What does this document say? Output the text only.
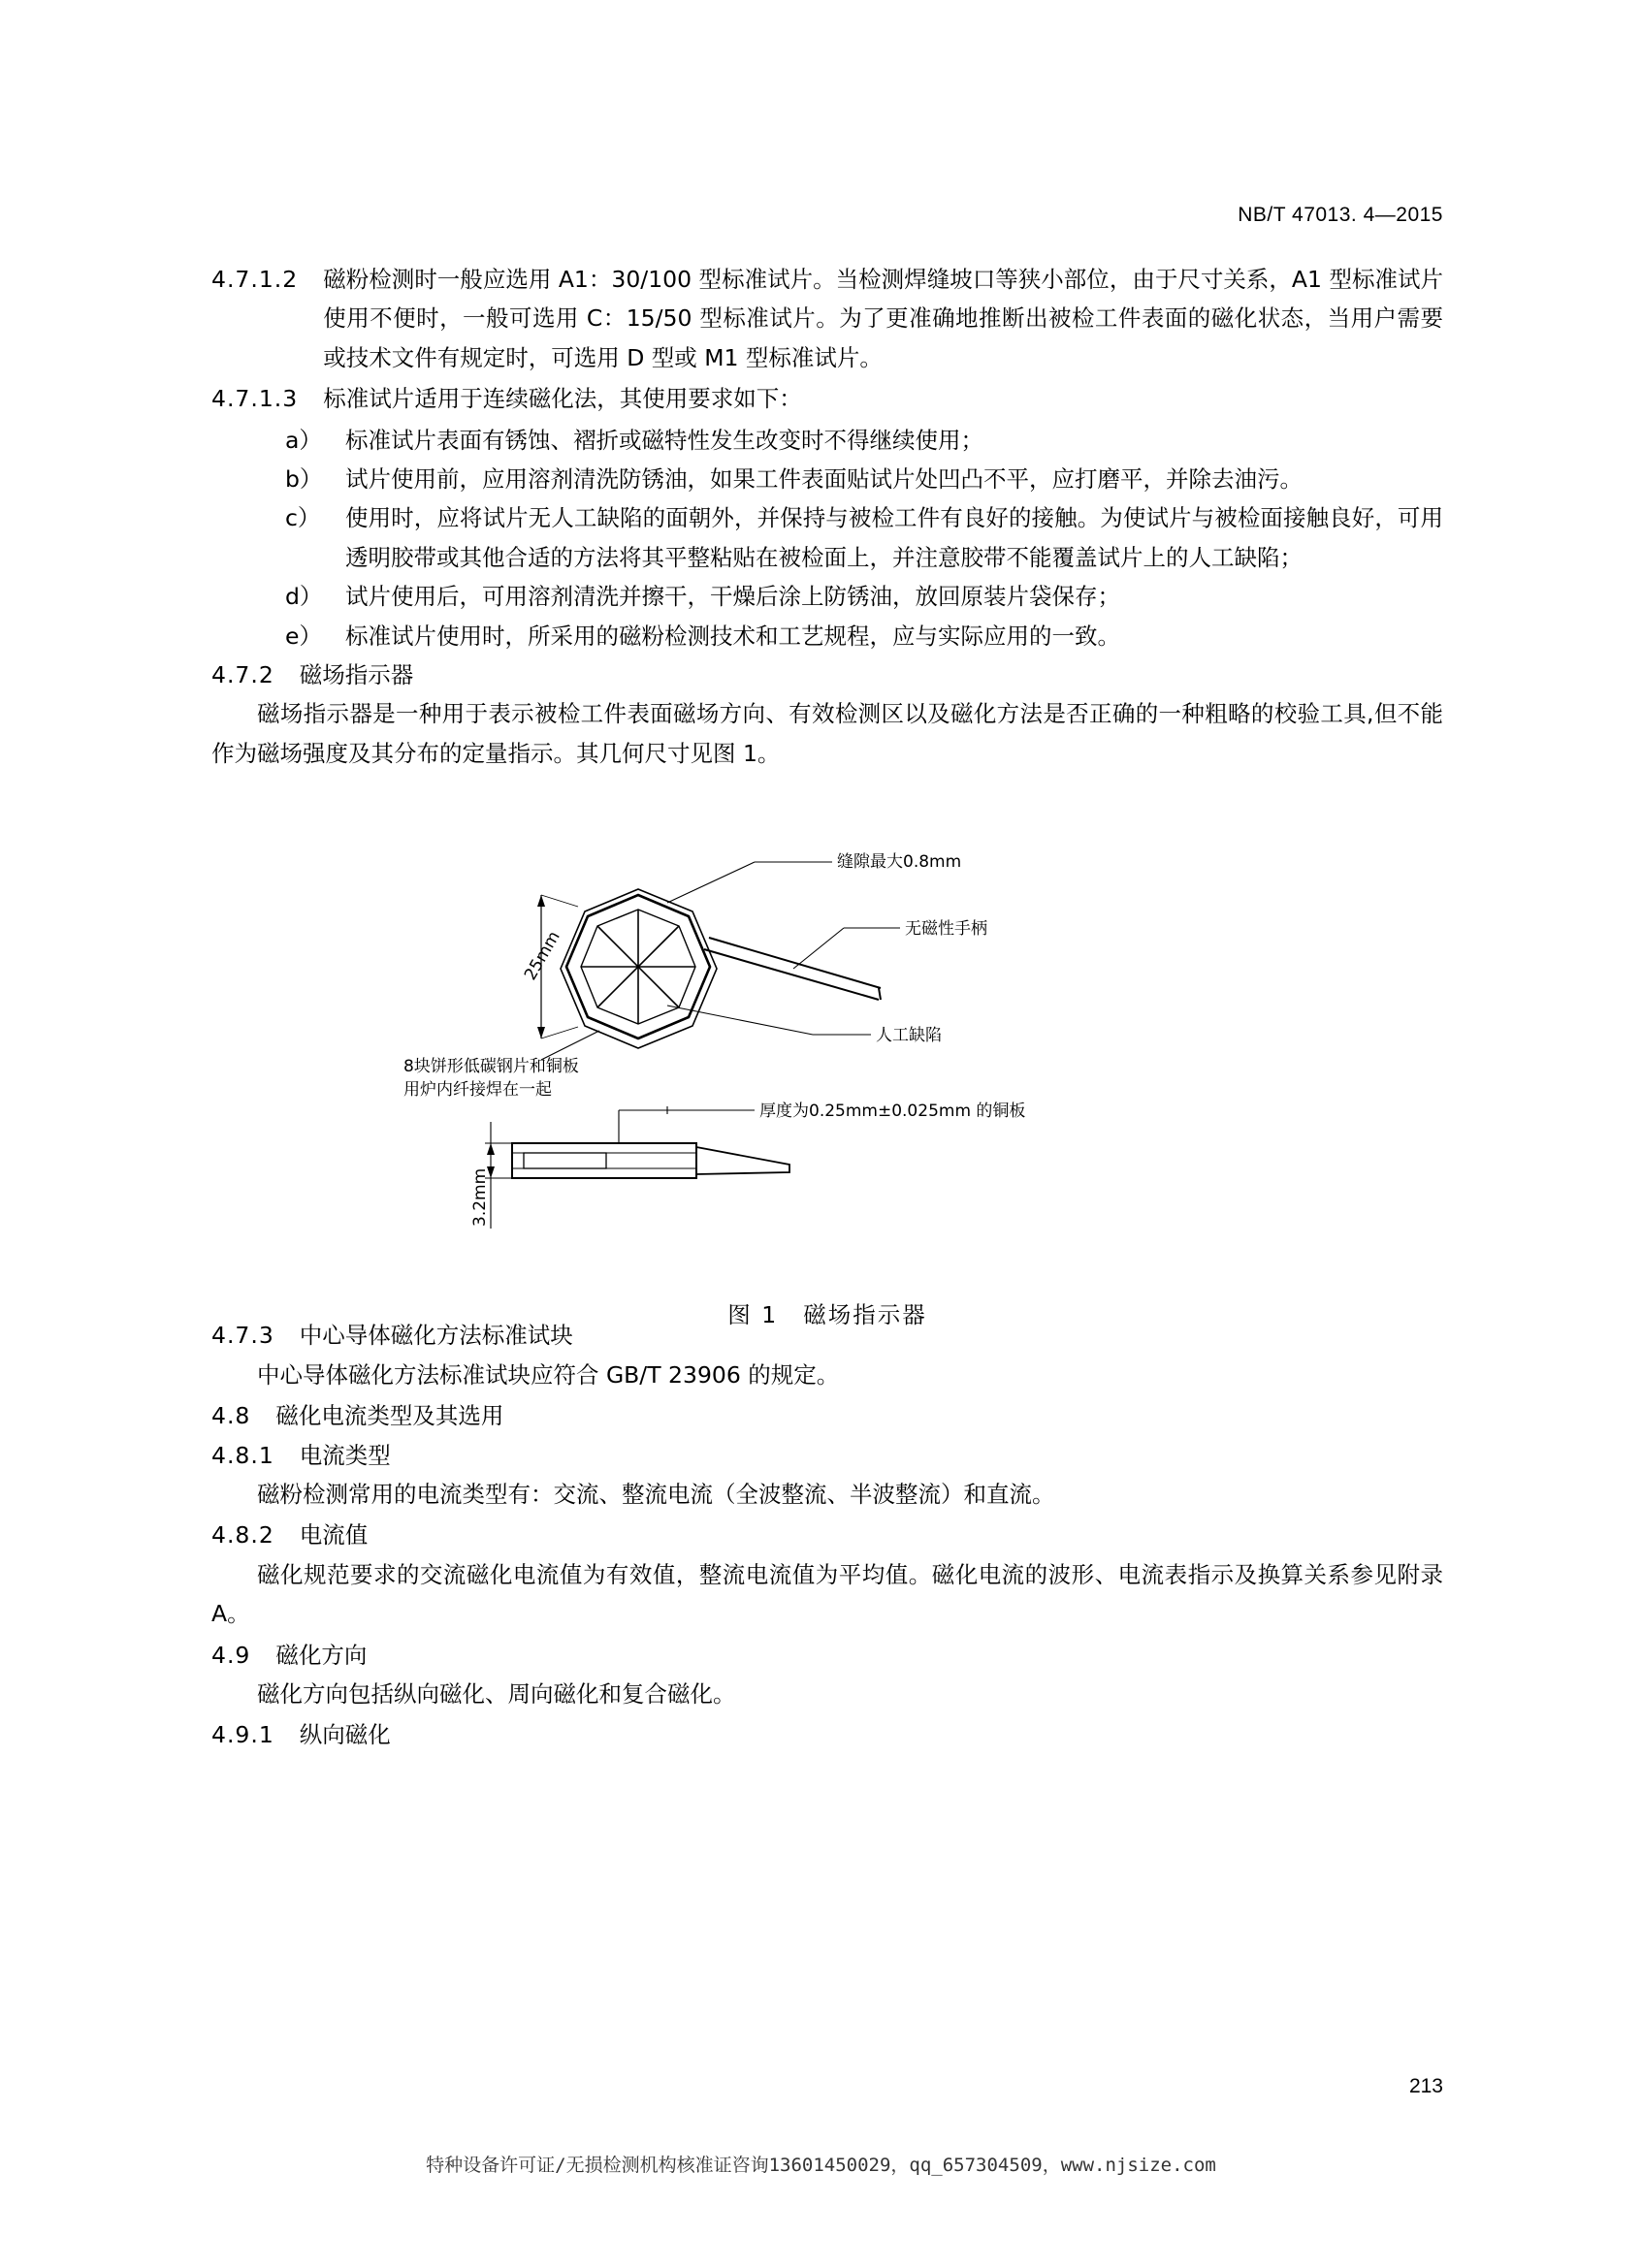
NB/T 47013. 4—2015
4.7.1.2 磁粉检测时一般应选用 A1：30/100 型标准试片。当检测焊缝坡口等狭小部位，由于尺寸关系，A1 型标准试片使用不便时，一般可选用 C：15/50 型标准试片。为了更准确地推断出被检工件表面的磁化状态，当用户需要或技术文件有规定时，可选用 D 型或 M1 型标准试片。
4.7.1.3 标准试片适用于连续磁化法，其使用要求如下：
a）	标准试片表面有锈蚀、褶折或磁特性发生改变时不得继续使用；
b）	试片使用前，应用溶剂清洗防锈油，如果工件表面贴试片处凹凸不平，应打磨平，并除去油污。
c）	使用时，应将试片无人工缺陷的面朝外，并保持与被检工件有良好的接触。为使试片与被检面接触良好，可用透明胶带或其他合适的方法将其平整粘贴在被检面上，并注意胶带不能覆盖试片上的人工缺陷；
d）	试片使用后，可用溶剂清洗并擦干，干燥后涂上防锈油，放回原装片袋保存；
e）	标准试片使用时，所采用的磁粉检测技术和工艺规程，应与实际应用的一致。
4.7.2 磁场指示器
磁场指示器是一种用于表示被检工件表面磁场方向、有效检测区以及磁化方法是否正确的一种粗略的校验工具,但不能作为磁场强度及其分布的定量指示。其几何尺寸见图 1。
缝隙最大0.8mm
无磁性手柄
人工缺陷
厚度为0.25mm±0.025mm 的铜板
8块饼形低碳钢片和铜板
用炉内纤接焊在一起
25mm
3.2mm
图 1 磁场指示器
4.7.3 中心导体磁化方法标准试块
中心导体磁化方法标准试块应符合 GB/T 23906 的规定。
4.8 磁化电流类型及其选用
4.8.1 电流类型
磁粉检测常用的电流类型有：交流、整流电流（全波整流、半波整流）和直流。
4.8.2 电流值
磁化规范要求的交流磁化电流值为有效值，整流电流值为平均值。磁化电流的波形、电流表指示及换算关系参见附录 A。
4.9 磁化方向
磁化方向包括纵向磁化、周向磁化和复合磁化。
4.9.1 纵向磁化
213
特种设备许可证/无损检测机构核准证咨询13601450029，qq_657304509，www.njsize.com
